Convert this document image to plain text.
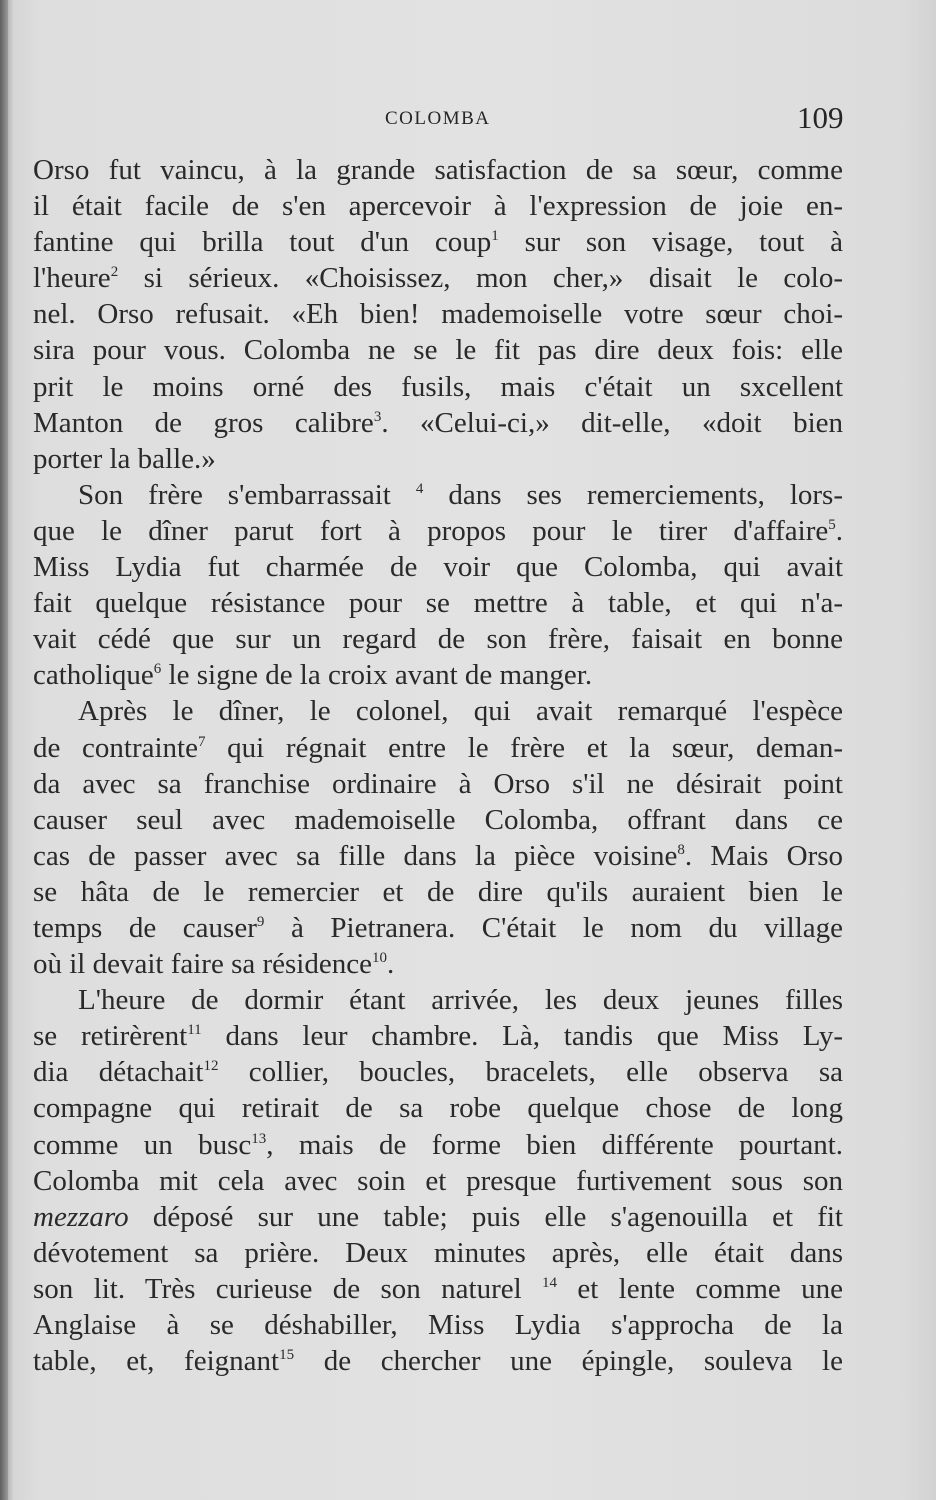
COLOMBA	109
Orso fut vaincu, à la grande satisfaction de sa sœur, comme
il était facile de s'en apercevoir à l'expression de joie en-
fantine qui brilla tout d'un coup$^1$ sur son visage, tout à
l'heure$^2$ si sérieux. «Choisissez, mon cher,» disait le colo-
nel. Orso refusait. «Eh bien! mademoiselle votre sœur choi-
sira pour vous. Colomba ne se le fit pas dire deux fois: elle
prit le moins orné des fusils, mais c'était un sxcellent
Manton de gros calibre$^3$. «Celui-ci,» dit-elle, «doit bien
porter la balle.»
Son frère s'embarrassait $^4$ dans ses remerciements, lors-
que le dîner parut fort à propos pour le tirer d'affaire$^5$.
Miss Lydia fut charmée de voir que Colomba, qui avait
fait quelque résistance pour se mettre à table, et qui n'a-
vait cédé que sur un regard de son frère, faisait en bonne
catholique$^6$ le signe de la croix avant de manger.
Après le dîner, le colonel, qui avait remarqué l'espèce
de contrainte$^7$ qui régnait entre le frère et la sœur, deman-
da avec sa franchise ordinaire à Orso s'il ne désirait point
causer seul avec mademoiselle Colomba, offrant dans ce
cas de passer avec sa fille dans la pièce voisine$^8$. Mais Orso
se hâta de le remercier et de dire qu'ils auraient bien le
temps de causer$^9$ à Pietranera. C'était le nom du village
où il devait faire sa résidence$^{10}$.
L'heure de dormir étant arrivée, les deux jeunes filles
se retirèrent$^{11}$ dans leur chambre. Là, tandis que Miss Ly-
dia détachait$^{12}$ collier, boucles, bracelets, elle observa sa
compagne qui retirait de sa robe quelque chose de long
comme un busc$^{13}$, mais de forme bien différente pourtant.
Colomba mit cela avec soin et presque furtivement sous son
mezzaro déposé sur une table; puis elle s'agenouilla et fit
dévotement sa prière. Deux minutes après, elle était dans
son lit. Très curieuse de son naturel $^{14}$ et lente comme une
Anglaise à se déshabiller, Miss Lydia s'approcha de la
table, et, feignant$^{15}$ de chercher une épingle, souleva le
